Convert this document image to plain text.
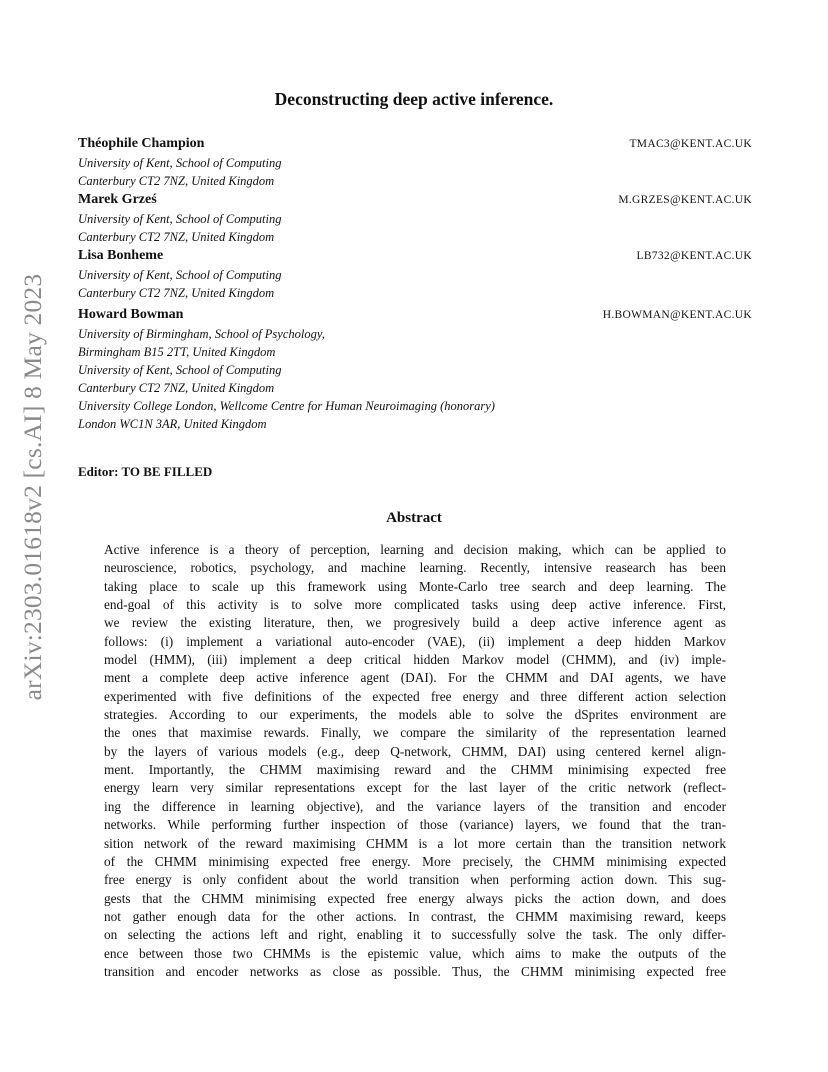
arXiv:2303.01618v2 [cs.AI] 8 May 2023
Deconstructing deep active inference.
Théophile Champion	TMAC3@KENT.AC.UK
University of Kent, School of Computing
Canterbury CT2 7NZ, United Kingdom
Marek Grześ	M.GRZES@KENT.AC.UK
University of Kent, School of Computing
Canterbury CT2 7NZ, United Kingdom
Lisa Bonheme	LB732@KENT.AC.UK
University of Kent, School of Computing
Canterbury CT2 7NZ, United Kingdom
Howard Bowman	H.BOWMAN@KENT.AC.UK
University of Birmingham, School of Psychology,
Birmingham B15 2TT, United Kingdom
University of Kent, School of Computing
Canterbury CT2 7NZ, United Kingdom
University College London, Wellcome Centre for Human Neuroimaging (honorary)
London WC1N 3AR, United Kingdom
Editor: TO BE FILLED
Abstract
Active inference is a theory of perception, learning and decision making, which can be applied to
neuroscience, robotics, psychology, and machine learning. Recently, intensive reasearch has been
taking place to scale up this framework using Monte-Carlo tree search and deep learning. The
end-goal of this activity is to solve more complicated tasks using deep active inference. First,
we review the existing literature, then, we progresively build a deep active inference agent as
follows: (i) implement a variational auto-encoder (VAE), (ii) implement a deep hidden Markov
model (HMM), (iii) implement a deep critical hidden Markov model (CHMM), and (iv) imple-
ment a complete deep active inference agent (DAI). For the CHMM and DAI agents, we have
experimented with five definitions of the expected free energy and three different action selection
strategies. According to our experiments, the models able to solve the dSprites environment are
the ones that maximise rewards. Finally, we compare the similarity of the representation learned
by the layers of various models (e.g., deep Q-network, CHMM, DAI) using centered kernel align-
ment. Importantly, the CHMM maximising reward and the CHMM minimising expected free
energy learn very similar representations except for the last layer of the critic network (reflect-
ing the difference in learning objective), and the variance layers of the transition and encoder
networks. While performing further inspection of those (variance) layers, we found that the tran-
sition network of the reward maximising CHMM is a lot more certain than the transition network
of the CHMM minimising expected free energy. More precisely, the CHMM minimising expected
free energy is only confident about the world transition when performing action down. This sug-
gests that the CHMM minimising expected free energy always picks the action down, and does
not gather enough data for the other actions. In contrast, the CHMM maximising reward, keeps
on selecting the actions left and right, enabling it to successfully solve the task. The only differ-
ence between those two CHMMs is the epistemic value, which aims to make the outputs of the
transition and encoder networks as close as possible. Thus, the CHMM minimising expected free
